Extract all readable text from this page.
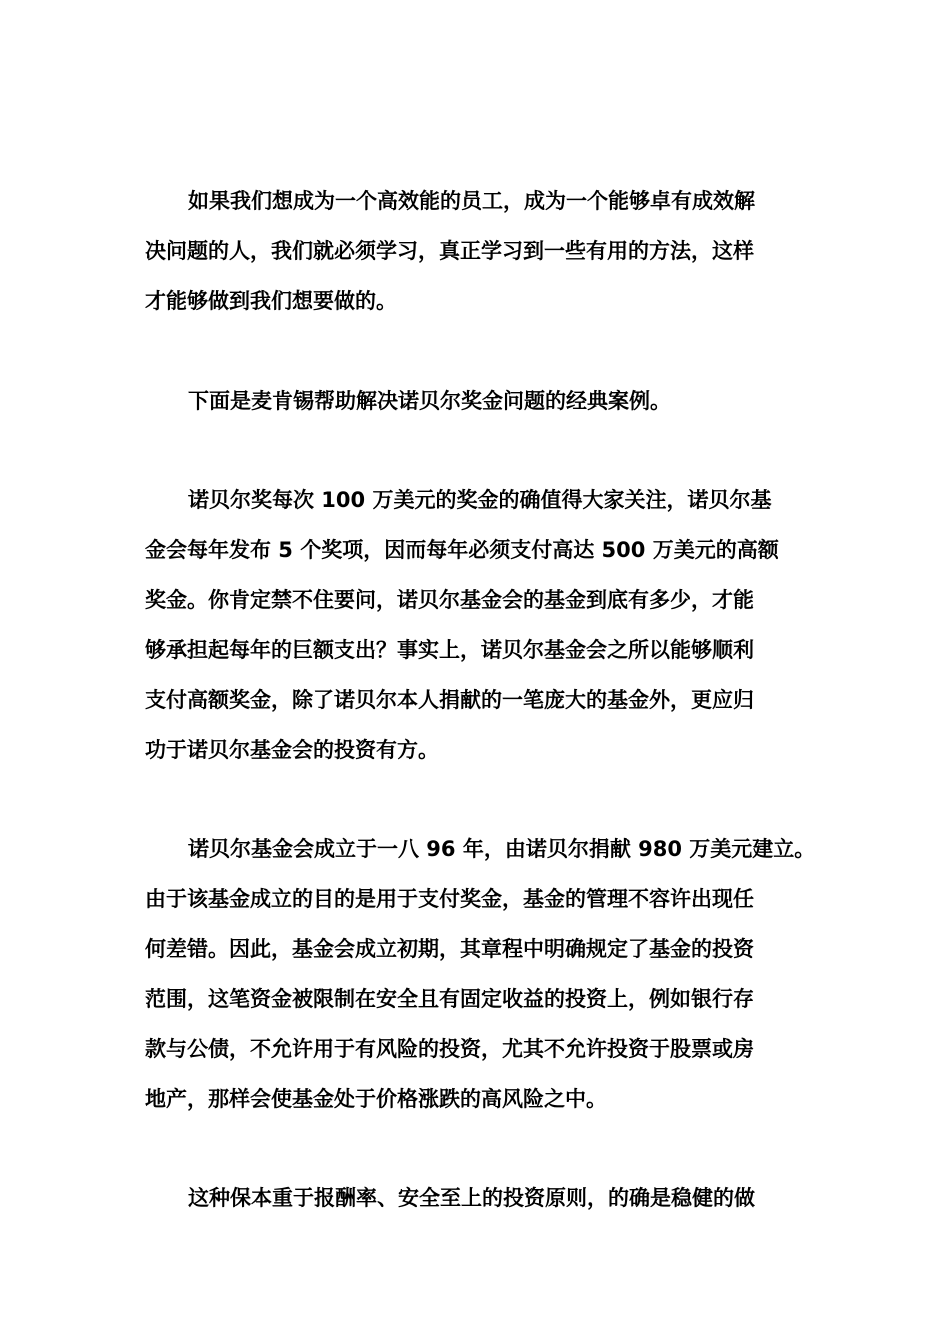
如果我们想成为一个高效能的员工，成为一个能够卓有成效解

决问题的人，我们就必须学习，真正学习到一些有用的方法，这样

才能够做到我们想要做的。

下面是麦肯锡帮助解决诺贝尔奖金问题的经典案例。

诺贝尔奖每次 100 万美元的奖金的确值得大家关注，诺贝尔基

金会每年发布 5 个奖项，因而每年必须支付高达 500 万美元的高额

奖金。你肯定禁不住要问，诺贝尔基金会的基金到底有多少，才能

够承担起每年的巨额支出？事实上，诺贝尔基金会之所以能够顺利

支付高额奖金，除了诺贝尔本人捐献的一笔庞大的基金外，更应归

功于诺贝尔基金会的投资有方。

诺贝尔基金会成立于一八 96 年，由诺贝尔捐献 980 万美元建立。

由于该基金成立的目的是用于支付奖金，基金的管理不容许出现任

何差错。因此，基金会成立初期，其章程中明确规定了基金的投资

范围，这笔资金被限制在安全且有固定收益的投资上，例如银行存

款与公债，不允许用于有风险的投资，尤其不允许投资于股票或房

地产，那样会使基金处于价格涨跌的高风险之中。

这种保本重于报酬率、安全至上的投资原则，的确是稳健的做
